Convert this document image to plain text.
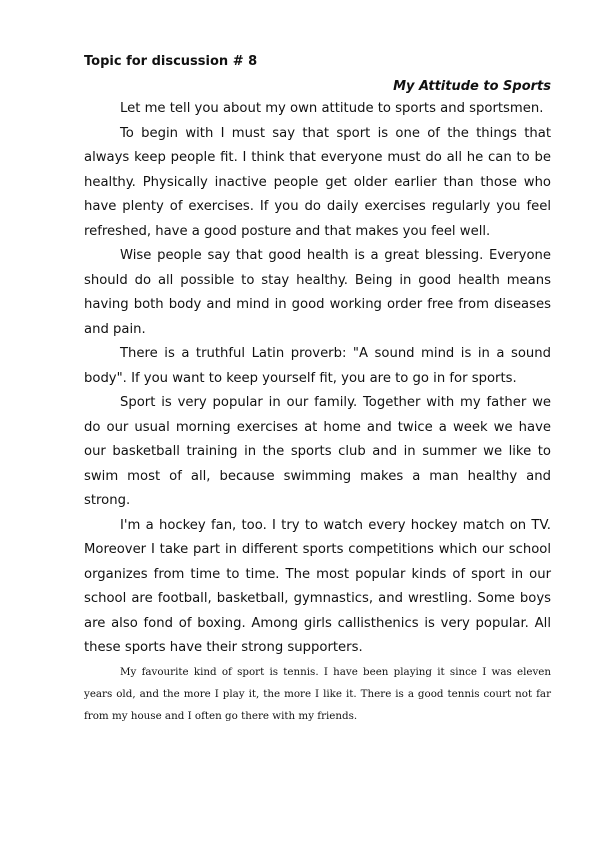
Topic for discussion # 8

My Attitude to Sports

Let me tell you about my own attitude to sports and sportsmen.

To begin with I must say that sport is one of the things that always keep people fit. I think that everyone must do all he can to be healthy. Physically inactive people get older earlier than those who have plenty of exercises. If you do daily exercises regularly you feel refreshed, have a good posture and that makes you feel well.

Wise people say that good health is a great blessing. Everyone should do all possible to stay healthy. Being in good health means having both body and mind in good working order free from diseases and pain.

There is a truthful Latin proverb: "A sound mind is in a sound body". If you want to keep yourself fit, you are to go in for sports.

Sport is very popular in our family. Together with my father we do our usual morning exercises at home and twice a week we have our basketball training in the sports club and in summer we like to swim most of all, because swimming makes a man healthy and strong.

I'm a hockey fan, too. I try to watch every hockey match on TV. Moreover I take part in different sports competitions which our school organizes from time to time. The most popular kinds of sport in our school are football, basketball, gymnastics, and wrestling. Some boys are also fond of boxing. Among girls callisthenics is very popular. All these sports have their strong supporters.

My favourite kind of sport is tennis. I have been playing it since I was eleven years old, and the more I play it, the more I like it. There is a good tennis court not far from my house and I often go there with my friends.
